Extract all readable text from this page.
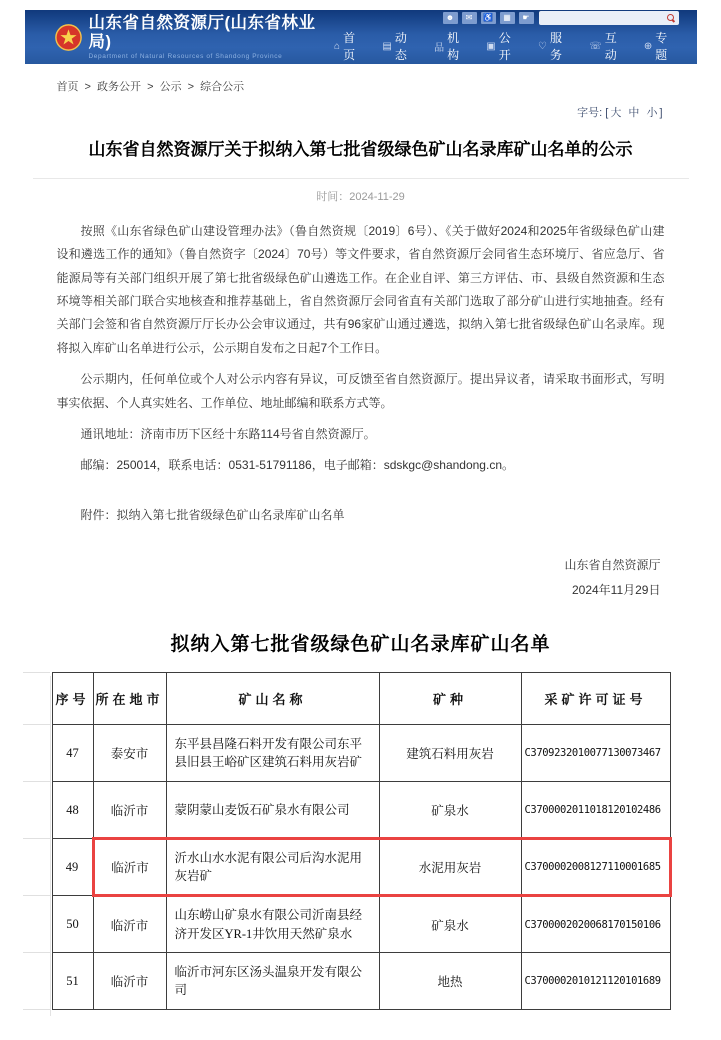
山东省自然资源厅(山东省林业局)
Department of Natural Resources of Shandong Province
☻	✉	♿	▦	☛
⌂
首页
▤
动态	品
机构
▣
公开
♡
服务
☏
互动
⊕
专题
首页 > 政务公开 > 公示 > 综合公示
字号: [ 大 中 小 ]
山东省自然资源厅关于拟纳入第七批省级绿色矿山名录库矿山名单的公示
时间：2024-11-29

按照《山东省绿色矿山建设管理办法》（鲁自然资规〔2019〕6号）、《关于做好2024和2025年省级绿色矿山建设和遴选工作的通知》（鲁自然资字〔2024〕70号）等文件要求，省自然资源厅会同省生态环境厅、省应急厅、省能源局等有关部门组织开展了第七批省级绿色矿山遴选工作。在企业自评、第三方评估、市、县级自然资源和生态环境等相关部门联合实地核查和推荐基础上，省自然资源厅会同省直有关部门选取了部分矿山进行实地抽查。经有关部门会签和省自然资源厅厅长办公会审议通过，共有96家矿山通过遴选，拟纳入第七批省级绿色矿山名录库。现将拟入库矿山名单进行公示，公示期自发布之日起7个工作日。

公示期内，任何单位或个人对公示内容有异议，可反馈至省自然资源厅。提出异议者，请采取书面形式，写明事实依据、个人真实姓名、工作单位、地址邮编和联系方式等。

通讯地址：济南市历下区经十东路114号省自然资源厅。

邮编：250014，联系电话：0531-51791186，电子邮箱：sdskgc@shandong.cn。

附件：拟纳入第七批省级绿色矿山名录库矿山名单

山东省自然资源厅
2024年11月29日
拟纳入第七批省级绿色矿山名录库矿山名单
序号	所在地市	矿山名称	矿种	采矿许可证号
47	泰安市	东平县昌隆石料开发有限公司东平县旧县王峪矿区建筑石料用灰岩矿	建筑石料用灰岩	C3709232010077130073467
48	临沂市	蒙阴蒙山麦饭石矿泉水有限公司	矿泉水	C3700002011018120102486
49	临沂市	沂水山水水泥有限公司后沟水泥用灰岩矿	水泥用灰岩	C3700002008127110001685
50	临沂市	山东崂山矿泉水有限公司沂南县经济开发区YR-1井饮用天然矿泉水	矿泉水	C3700002020068170150106
51	临沂市	临沂市河东区汤头温泉开发有限公司	地热	C3700002010121120101689
